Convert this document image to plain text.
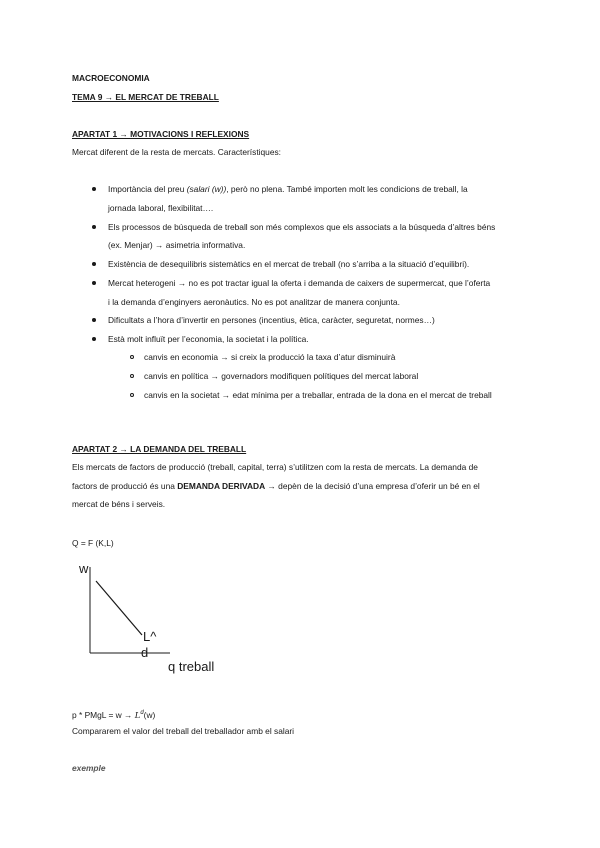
MACROECONOMIA
TEMA 9 → EL MERCAT DE TREBALL
APARTAT 1 → MOTIVACIONS I REFLEXIONS
Mercat diferent de la resta de mercats. Característiques:
Importància del preu (salari (w)), però no plena. També importen molt les condicions de treball, la
jornada laboral, flexibilitat….
Els processos de búsqueda de treball son més complexos que els associats a la búsqueda d’altres béns
(ex. Menjar) → asimetria informativa.
Existència de desequilibris sistemàtics en el mercat de treball (no s’arriba a la situació d’equilibri).
Mercat heterogeni → no es pot tractar igual la oferta i demanda de caixers de supermercat, que l’oferta
i la demanda d’enginyers aeronàutics. No es pot analitzar de manera conjunta.
Dificultats a l’hora d’invertir en persones (incentius, ètica, caràcter, seguretat, normes…)
Està molt influït per l’economia, la societat i la política.
canvis en economia → si creix la producció la taxa d’atur disminuirà
canvis en política → governadors modifiquen polítiques del mercat laboral
canvis en la societat → edat mínima per a treballar, entrada de la dona en el mercat de treball
APARTAT 2 → LA DEMANDA DEL TREBALL
Els mercats de factors de producció (treball, capital, terra) s’utilitzen com la resta de mercats. La demanda de
factors de producció és una DEMANDA DERIVADA → depèn de la decisió d’una empresa d’oferir un bé en el
mercat de béns i serveis.
Q = F (K,L)
w
L^
d
q treball
p * PMgL = $w \to L^d(w)$
Compararem el valor del treball del treballador amb el salari
exemple
